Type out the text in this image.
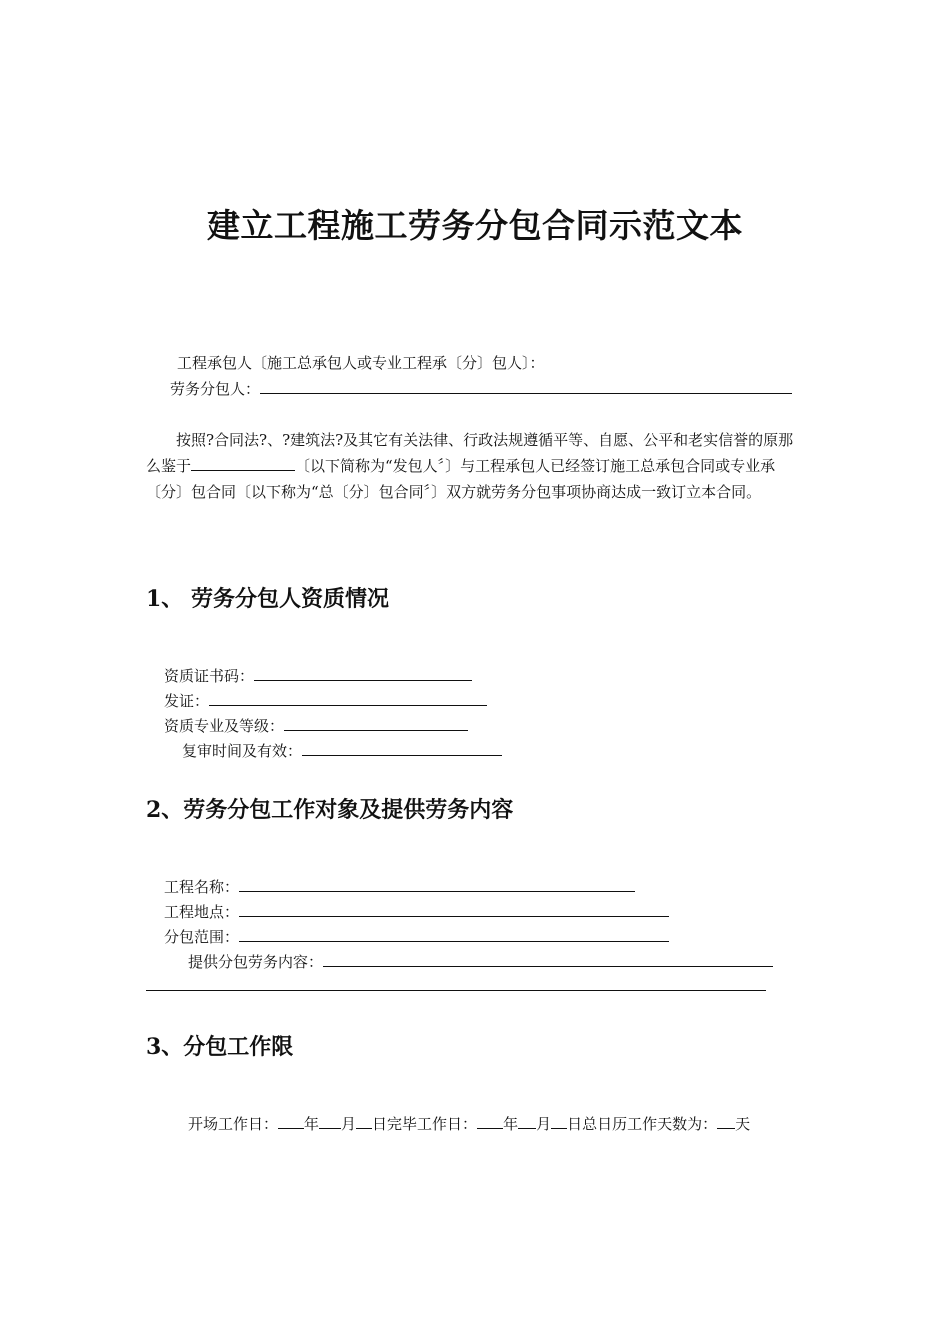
建立工程施工劳务分包合同示范文本
工程承包人〔施工总承包人或专业工程承〔分〕包人〕：
劳务分包人：
按照?合同法?、?建筑法?及其它有关法律、行政法规遵循平等、自愿、公平和老实信誉的原那么鉴于	〔以下简称为“发包人〞〕与工程承包人已经签订施工总承包合同或专业承〔分〕包合同〔以下称为“总〔分〕包合同〞〕双方就劳务分包事项协商达成一致订立本合同。
1、 劳务分包人资质情况
资质证书码：
发证：
资质专业及等级：
复审时间及有效：
2、劳务分包工作对象及提供劳务内容
工程名称：
工程地点：
分包范围：
提供分包劳务内容：
3、分包工作限
开场工作日： 年 月 日完毕工作日： 年 月 日总日历工作天数为： 天
